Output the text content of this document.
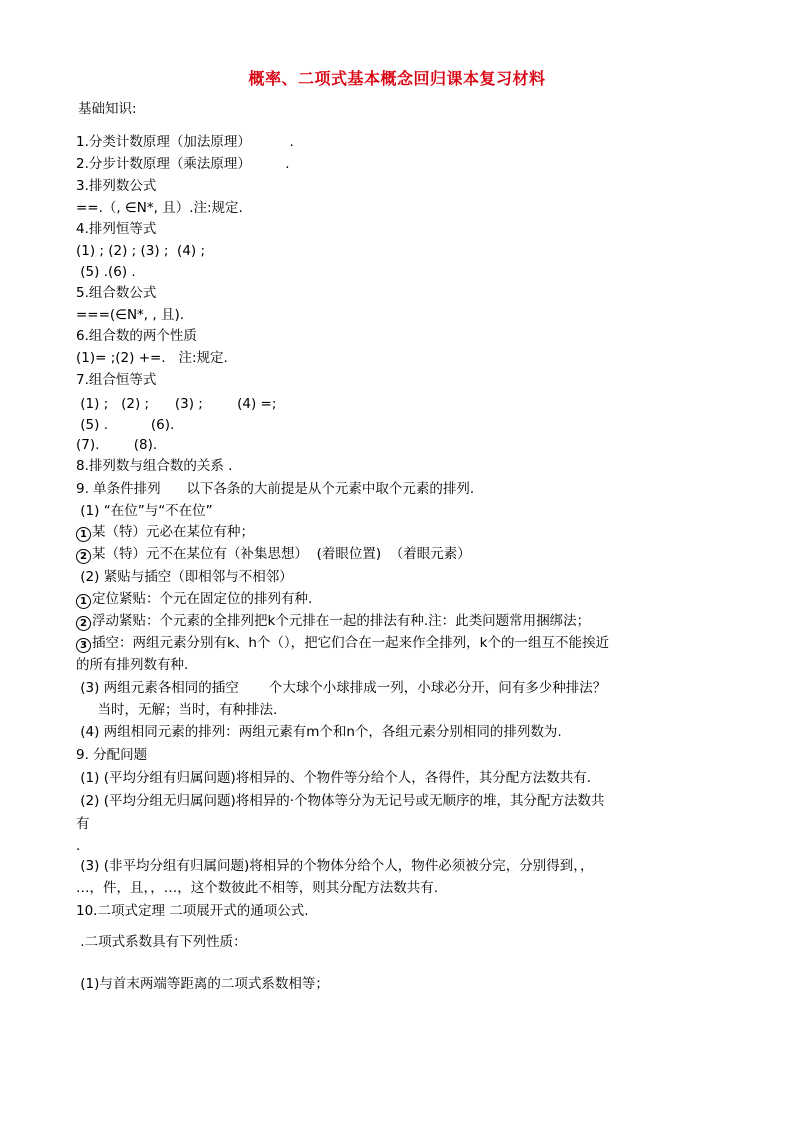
概率、二项式基本概念回归课本复习材料
基础知识:
1.分类计数原理（加法原理）         .
2.分步计数原理（乘法原理）        .
3.排列数公式
==.（, ∈N*, 且）.注:规定.
4.排列恒等式
(1) ; (2) ; (3) ;  (4) ;
(5) .(6) .
5.组合数公式
===(∈N*, , 且).
6.组合数的两个性质
(1)= ;(2) +=.   注:规定.
7.组合恒等式
(1) ;   (2) ;      (3) ;        (4) =;
(5) .          (6).
(7).        (8).
8.排列数与组合数的关系 .
9. 单条件排列      以下各条的大前提是从个元素中取个元素的排列.
(1) “在位”与“不在位”
1 某（特）元必在某位有种；
2 某（特）元不在某位有（补集思想）  (着眼位置)  （着眼元素）
(2) 紧贴与插空（即相邻与不相邻）
1 定位紧贴：个元在固定位的排列有种.
2 浮动紧贴：个元素的全排列把k个元排在一起的排法有种.注：此类问题常用捆绑法；
3 插空：两组元素分别有k、h个（），把它们合在一起来作全排列，k个的一组互不能挨近
的所有排列数有种.
(3) 两组元素各相同的插空       个大球个小球排成一列，小球必分开，问有多少种排法？
当时，无解；当时，有种排法.
(4) 两组相同元素的排列：两组元素有m个和n个，各组元素分别相同的排列数为.
9. 分配问题
(1) (平均分组有归属问题)将相异的、个物件等分给个人，各得件，其分配方法数共有.
(2) (平均分组无归属问题)将相异的·个物体等分为无记号或无顺序的堆，其分配方法数共
有
.
(3) (非平均分组有归属问题)将相异的个物体分给个人，物件必须被分完，分别得到，，
…，件，且，，…，这个数彼此不相等，则其分配方法数共有.
10.二项式定理 二项展开式的通项公式.
.二项式系数具有下列性质：
(1)与首末两端等距离的二项式系数相等；
